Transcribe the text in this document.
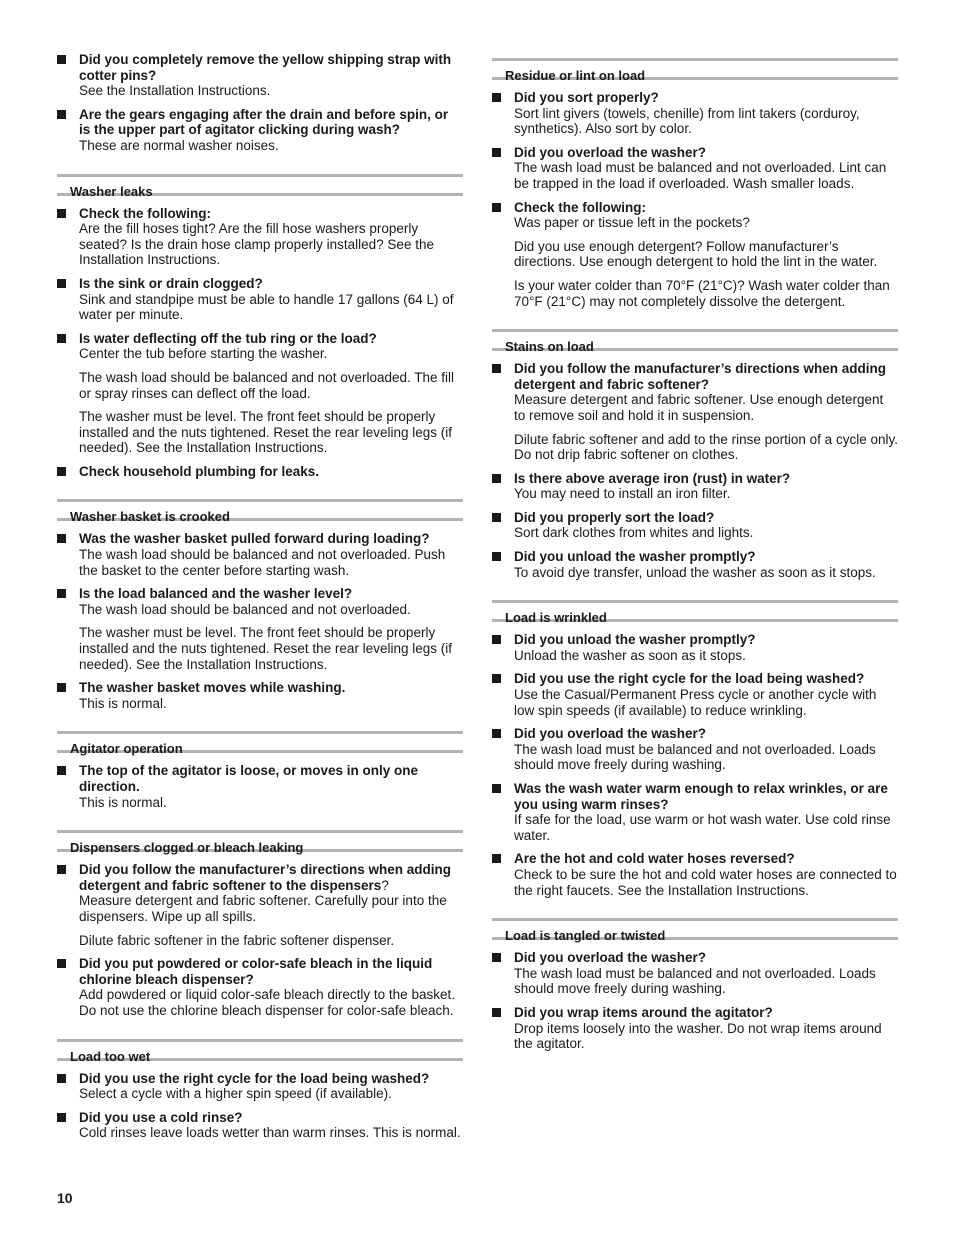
Did you completely remove the yellow shipping strap with cotter pins?
See the Installation Instructions.
Are the gears engaging after the drain and before spin, or is the upper part of agitator clicking during wash?
These are normal washer noises.
Washer leaks
Check the following:
Are the fill hoses tight? Are the fill hose washers properly seated? Is the drain hose clamp properly installed? See the Installation Instructions.
Is the sink or drain clogged?
Sink and standpipe must be able to handle 17 gallons (64 L) of water per minute.
Is water deflecting off the tub ring or the load?
Center the tub before starting the washer.
The wash load should be balanced and not overloaded. The fill or spray rinses can deflect off the load.
The washer must be level. The front feet should be properly installed and the nuts tightened. Reset the rear leveling legs (if needed). See the Installation Instructions.
Check household plumbing for leaks.
Washer basket is crooked
Was the washer basket pulled forward during loading?
The wash load should be balanced and not overloaded. Push the basket to the center before starting wash.
Is the load balanced and the washer level?
The wash load should be balanced and not overloaded.
The washer must be level. The front feet should be properly installed and the nuts tightened. Reset the rear leveling legs (if needed). See the Installation Instructions.
The washer basket moves while washing.
This is normal.
Agitator operation
The top of the agitator is loose, or moves in only one direction.
This is normal.
Dispensers clogged or bleach leaking
Did you follow the manufacturer’s directions when adding detergent and fabric softener to the dispensers?
Measure detergent and fabric softener. Carefully pour into the dispensers. Wipe up all spills.
Dilute fabric softener in the fabric softener dispenser.
Did you put powdered or color-safe bleach in the liquid chlorine bleach dispenser?
Add powdered or liquid color-safe bleach directly to the basket. Do not use the chlorine bleach dispenser for color-safe bleach.
Load too wet
Did you use the right cycle for the load being washed?
Select a cycle with a higher spin speed (if available).
Did you use a cold rinse?
Cold rinses leave loads wetter than warm rinses. This is normal.
Residue or lint on load
Did you sort properly?
Sort lint givers (towels, chenille) from lint takers (corduroy, synthetics). Also sort by color.
Did you overload the washer?
The wash load must be balanced and not overloaded. Lint can be trapped in the load if overloaded. Wash smaller loads.
Check the following:
Was paper or tissue left in the pockets?
Did you use enough detergent? Follow manufacturer’s directions. Use enough detergent to hold the lint in the water.
Is your water colder than 70°F (21°C)? Wash water colder than 70°F (21°C) may not completely dissolve the detergent.
Stains on load
Did you follow the manufacturer’s directions when adding detergent and fabric softener?
Measure detergent and fabric softener. Use enough detergent to remove soil and hold it in suspension.
Dilute fabric softener and add to the rinse portion of a cycle only. Do not drip fabric softener on clothes.
Is there above average iron (rust) in water?
You may need to install an iron filter.
Did you properly sort the load?
Sort dark clothes from whites and lights.
Did you unload the washer promptly?
To avoid dye transfer, unload the washer as soon as it stops.
Load is wrinkled
Did you unload the washer promptly?
Unload the washer as soon as it stops.
Did you use the right cycle for the load being washed?
Use the Casual/Permanent Press cycle or another cycle with low spin speeds (if available) to reduce wrinkling.
Did you overload the washer?
The wash load must be balanced and not overloaded. Loads should move freely during washing.
Was the wash water warm enough to relax wrinkles, or are you using warm rinses?
If safe for the load, use warm or hot wash water. Use cold rinse water.
Are the hot and cold water hoses reversed?
Check to be sure the hot and cold water hoses are connected to the right faucets. See the Installation Instructions.
Load is tangled or twisted
Did you overload the washer?
The wash load must be balanced and not overloaded. Loads should move freely during washing.
Did you wrap items around the agitator?
Drop items loosely into the washer. Do not wrap items around the agitator.
10
